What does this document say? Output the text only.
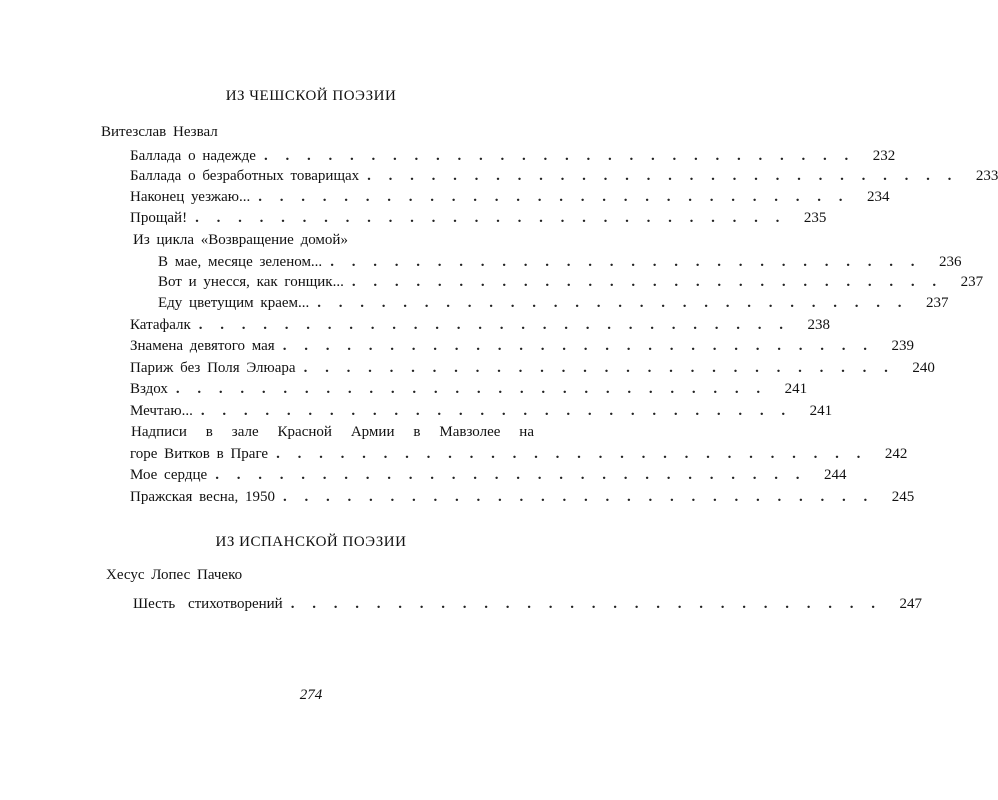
ИЗ ЧЕШСКОЙ ПОЭЗИИ
Витезслав Незвал
Баллада о надежде . . . . . . . . . . . . . . . . . . . . . . . . . . . .	232
Баллада о безработных товарищах . . . . . . . . . . . . . . . . . . . . . . . . . . . .	233
Наконец уезжаю... . . . . . . . . . . . . . . . . . . . . . . . . . . . .	234
Прощай! . . . . . . . . . . . . . . . . . . . . . . . . . . . .	235
Из цикла «Возвращение домой»
В мае, месяце зеленом... . . . . . . . . . . . . . . . . . . . . . . . . . . . .	236
Вот и унесся, как гонщик... . . . . . . . . . . . . . . . . . . . . . . . . . . . .	237
Еду цветущим краем... . . . . . . . . . . . . . . . . . . . . . . . . . . . .	237
Катафалк . . . . . . . . . . . . . . . . . . . . . . . . . . . .	238
Знамена девятого мая . . . . . . . . . . . . . . . . . . . . . . . . . . . .	239
Париж без Поля Элюара . . . . . . . . . . . . . . . . . . . . . . . . . . . .	240
Вздох . . . . . . . . . . . . . . . . . . . . . . . . . . . .	241
Мечтаю... . . . . . . . . . . . . . . . . . . . . . . . . . . . .	241
Надписи в зале Красной Армии в Мавзолее на
горе Витков в Праге . . . . . . . . . . . . . . . . . . . . . . . . . . . .	242
Мое сердце . . . . . . . . . . . . . . . . . . . . . . . . . . . .	244
Пражская весна, 1950 . . . . . . . . . . . . . . . . . . . . . . . . . . . .	245
ИЗ ИСПАНСКОЙ ПОЭЗИИ
Хесус Лопес Пачеко
Шесть стихотворений . . . . . . . . . . . . . . . . . . . . . . . . . . . .	247
274
